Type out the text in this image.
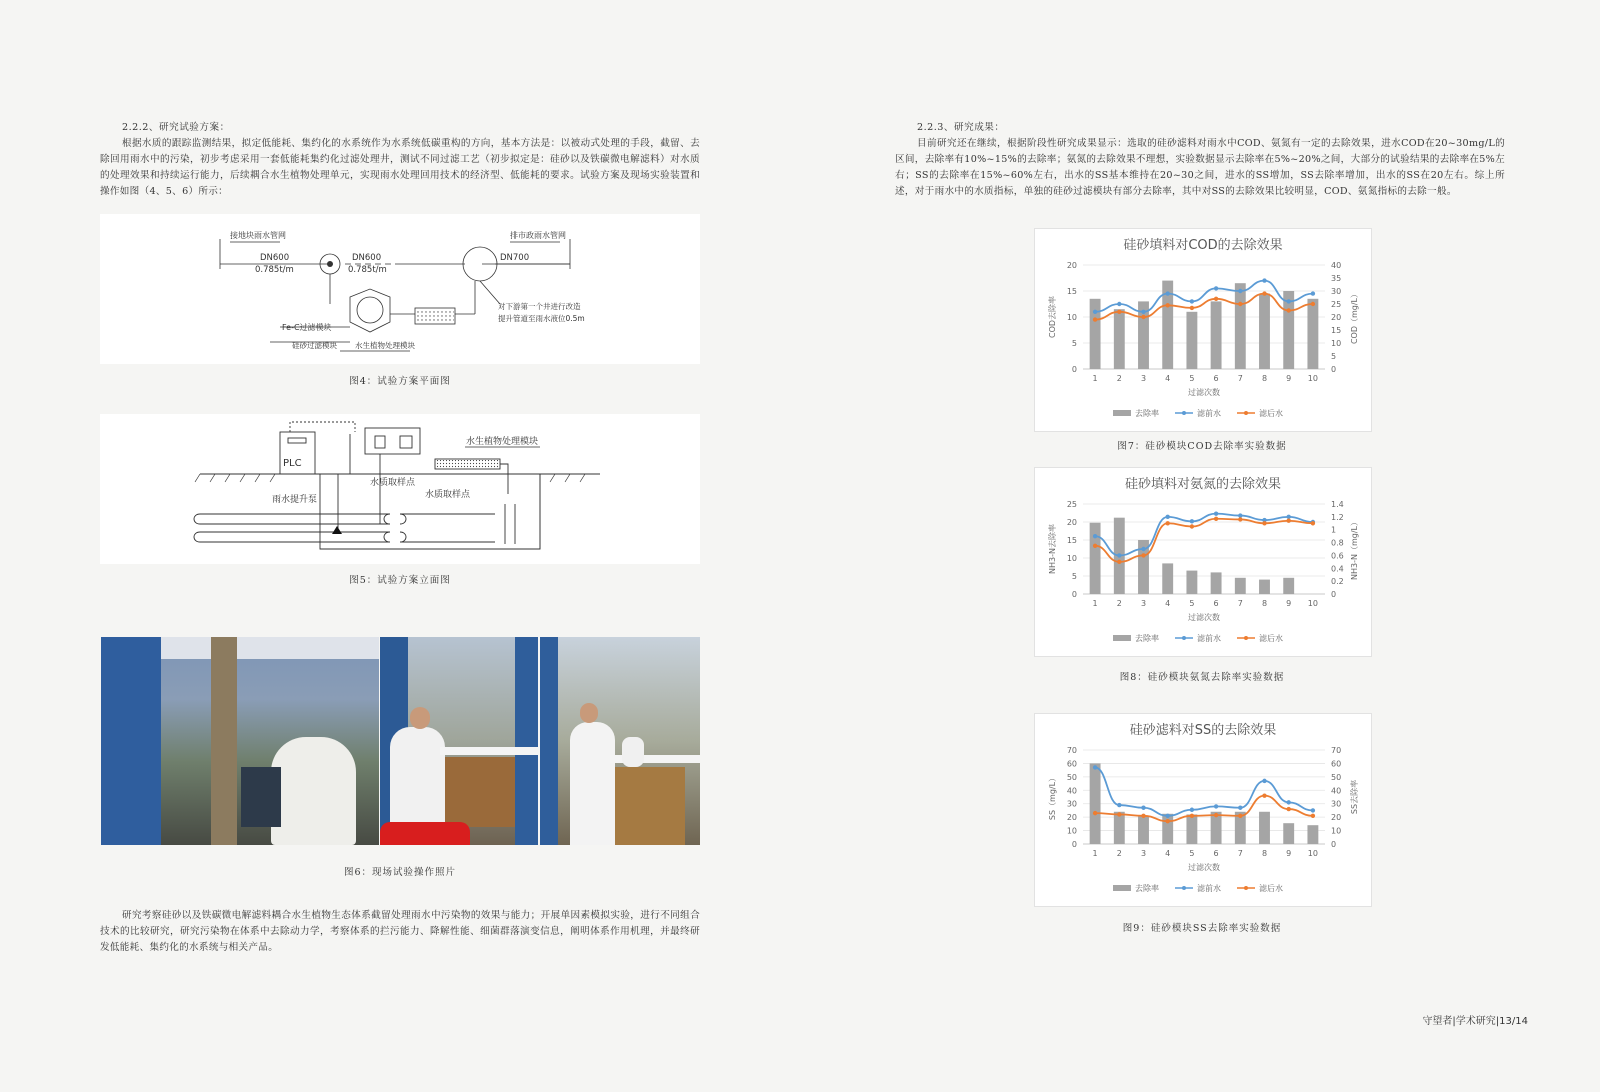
2.2.2、研究试验方案：

根据水质的跟踪监测结果，拟定低能耗、集约化的水系统作为水系统低碳重构的方向，基本方法是：以被动式处理的手段，截留、去除回用雨水中的污染，初步考虑采用一套低能耗集约化过滤处理井，测试不同过滤工艺（初步拟定是：硅砂以及铁碳微电解滤料）对水质的处理效果和持续运行能力，后续耦合水生植物处理单元，实现雨水处理回用技术的经济型、低能耗的要求。试验方案及现场实验装置和操作如图（4、5、6）所示：

接地块雨水管网	排市政雨水管网
DN600
0.785t/m
DN600
0.785t/m
DN700
对下游第一个井进行改造
提升管道至雨水液位0.5m
Fe-C过滤模块
硅砂过滤模块 水生植物处理模块
图4：试验方案平面图
PLC
水生植物处理模块
水质取样点
水质取样点
雨水提升泵
图5：试验方案立面图
图6：现场试验操作照片

研究考察硅砂以及铁碳微电解滤料耦合水生植物生态体系截留处理雨水中污染物的效果与能力；开展单因素模拟实验，进行不同组合技术的比较研究，研究污染物在体系中去除动力学，考察体系的拦污能力、降解性能、细菌群落演变信息，阐明体系作用机理，并最终研发低能耗、集约化的水系统与相关产品。

2.2.3、研究成果：

目前研究还在继续，根据阶段性研究成果显示：选取的硅砂滤料对雨水中COD、氨氮有一定的去除效果，进水COD在20~30mg/L的区间，去除率有10%~15%的去除率；氨氮的去除效果不理想，实验数据显示去除率在5%~20%之间，大部分的试验结果的去除率在5%左右；SS的去除率在15%~60%左右，出水的SS基本维持在20~30之间，进水的SS增加，SS去除率增加，出水的SS在20左右。综上所述，对于雨水中的水质指标，单独的硅砂过滤模块有部分去除率，其中对SS的去除效果比较明显，COD、氨氮指标的去除一般。

硅砂填料对COD的去除效果
0
5
10
15
20
0
5
10
15
20
25
30
35
40
1 2 3 4 5 6 7 8 9 10
过滤次数
COD去除率	COD（mg/L）
去除率	滤前水	滤后水
图7：硅砂模块COD去除率实验数据
硅砂填料对氨氮的去除效果
0
5
10
15
20
25
0
0.2
0.4
0.6
0.8
1
1.2
1.4
1 2 3 4 5 6 7 8 9 10
过滤次数
NH3-N去除率	NH3-N（mg/L）
去除率	滤前水	滤后水
图8：硅砂模块氨氮去除率实验数据
硅砂滤料对SS的去除效果
0
10
20
30
40
50
60
70
0
10
20
30
40
50
60
70
1 2 3 4 5 6 7 8 9 10
过滤次数
SS（mg/L）	SS去除率
去除率	滤前水	滤后水
图9：硅砂模块SS去除率实验数据
守望者|学术研究|13/14
